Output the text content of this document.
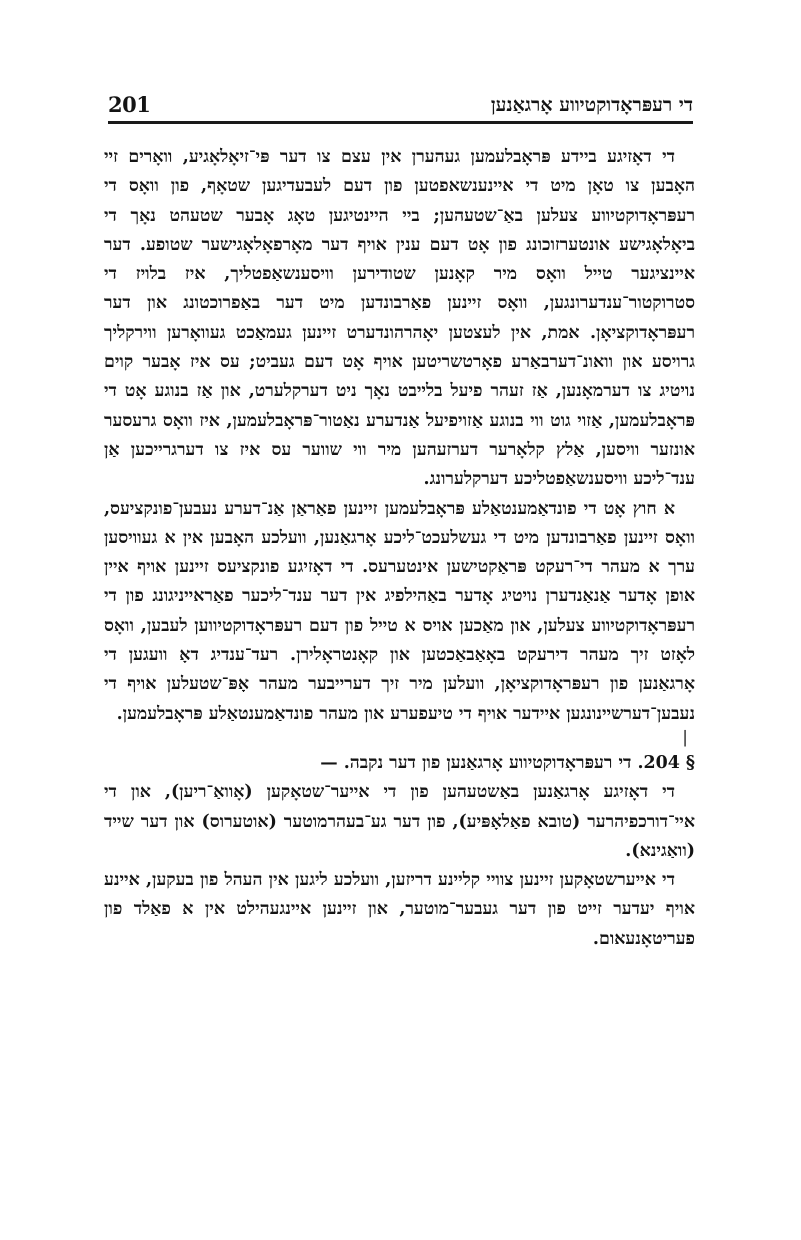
201	די רעפּראָדוקטיווע אָרגאַנען

די דאָזיגע ביידע פּראָבלעמען געהערן אין עצם צו דער פּי־זיאָלאָגיע, וואָרים זיי האָבען צו טאָן מיט די איינענשאפטען פון דעם לעבעדיגען שטאָף, פון וואָס די רעפּראָדוקטיווע צעלען באַ־שטעהען; ביי היינטיגען טאָג אָבער שטעהט נאָך די ביאָלאָגישע אונטערזוכונג פון אָט דעם ענין אויף דער מאָרפאָלאָגישער שטופע. דער איינציגער טייל וואָס מיר קאָנען שטודירען וויסענשאַפטליך, איז בלויז די סטרוקטור־ענדערונגען, וואָס זיינען פאַרבונדען מיט דער באַפרוכטונג און דער רעפּראָדוקציאָן. אמת, אין לעצטען יאָהרהונדערט זיינען געמאַכט געוואָרען ווירקליך גרויסע און וואונ־דערבאַרע פאָרטשריטען אויף אָט דעם געביט; עס איז אָבער קוים נויטיג צו דערמאָנען, אַז זעהר פיעל בלייבט נאָך ניט דערקלערט, און אַז בנוגע אָט די פּראָבלעמען, אַזוי גוט ווי בנוגע אַזויפיעל אַנדערע נאַטור־פּראָבלעמען, איז וואָס גרעסער אונזער וויסען, אַלץ קלאָרער דערזעהען מיר ווי שווער עס איז צו דערגרייכען אַן ענד־ליכע וויסענשאַפטליכע דערקלערונג.

א חוץ אָט די פונדאַמענטאַלע פּראָבלעמען זיינען פאַראַן אַנ־דערע נעבען־פונקציעס, וואָס זיינען פאַרבונדען מיט די געשלעכט־ליכע אָרגאַנען, וועלכע האָבען אין א געוויסען ערך א מעהר די־רעקט פּראַקטישען אינטערעס. די דאָזיגע פונקציעס זיינען אויף איין אופן אָדער אַנאַנדערן נויטיג אָדער באַהילפיג אין דער ענד־ליכער פאַראייניגונג פון די רעפּראָדוקטיווע צעלען, און מאַכען אויס א טייל פון דעם רעפּראָדוקטיווען לעבען, וואָס לאָזט זיך מעהר דירעקט באָאַבאַכטען און קאָנטראָלירן. רעד־ענדיג דאָ וועגען די אָרגאַנען פון רעפּראָדוקציאָן, וועלען מיר זיך דערייבער מעהר אָפּ־שטעלען אויף די נעבען־דערשיינונגען איידער אויף די טיעפערע און מעהר פונדאַמענטאַלע פּראָבלעמען.

׀

§ 204. די רעפּראָדוקטיווע אָרגאַנען פון דער נקבה. —

די דאָזיגע אָרגאַנען באַשטעהען פון די אייער־שטאָקען (אָוואַ־ריען), און די איי־דורכפיהרער (טובא פאַלאָפּיע), פון דער גע־בעהרמוטער (אוטערוס) און דער שייד (וואַגינא).

די אייערשטאָקען זיינען צוויי קליינע דריזען, וועלכע ליגען אין העהל פון בעקען, איינע אויף יעדער זייט פון דער געבער־מוטער, און זיינען איינגעהילט אין א פאַלד פון פעריטאָנעאום.
